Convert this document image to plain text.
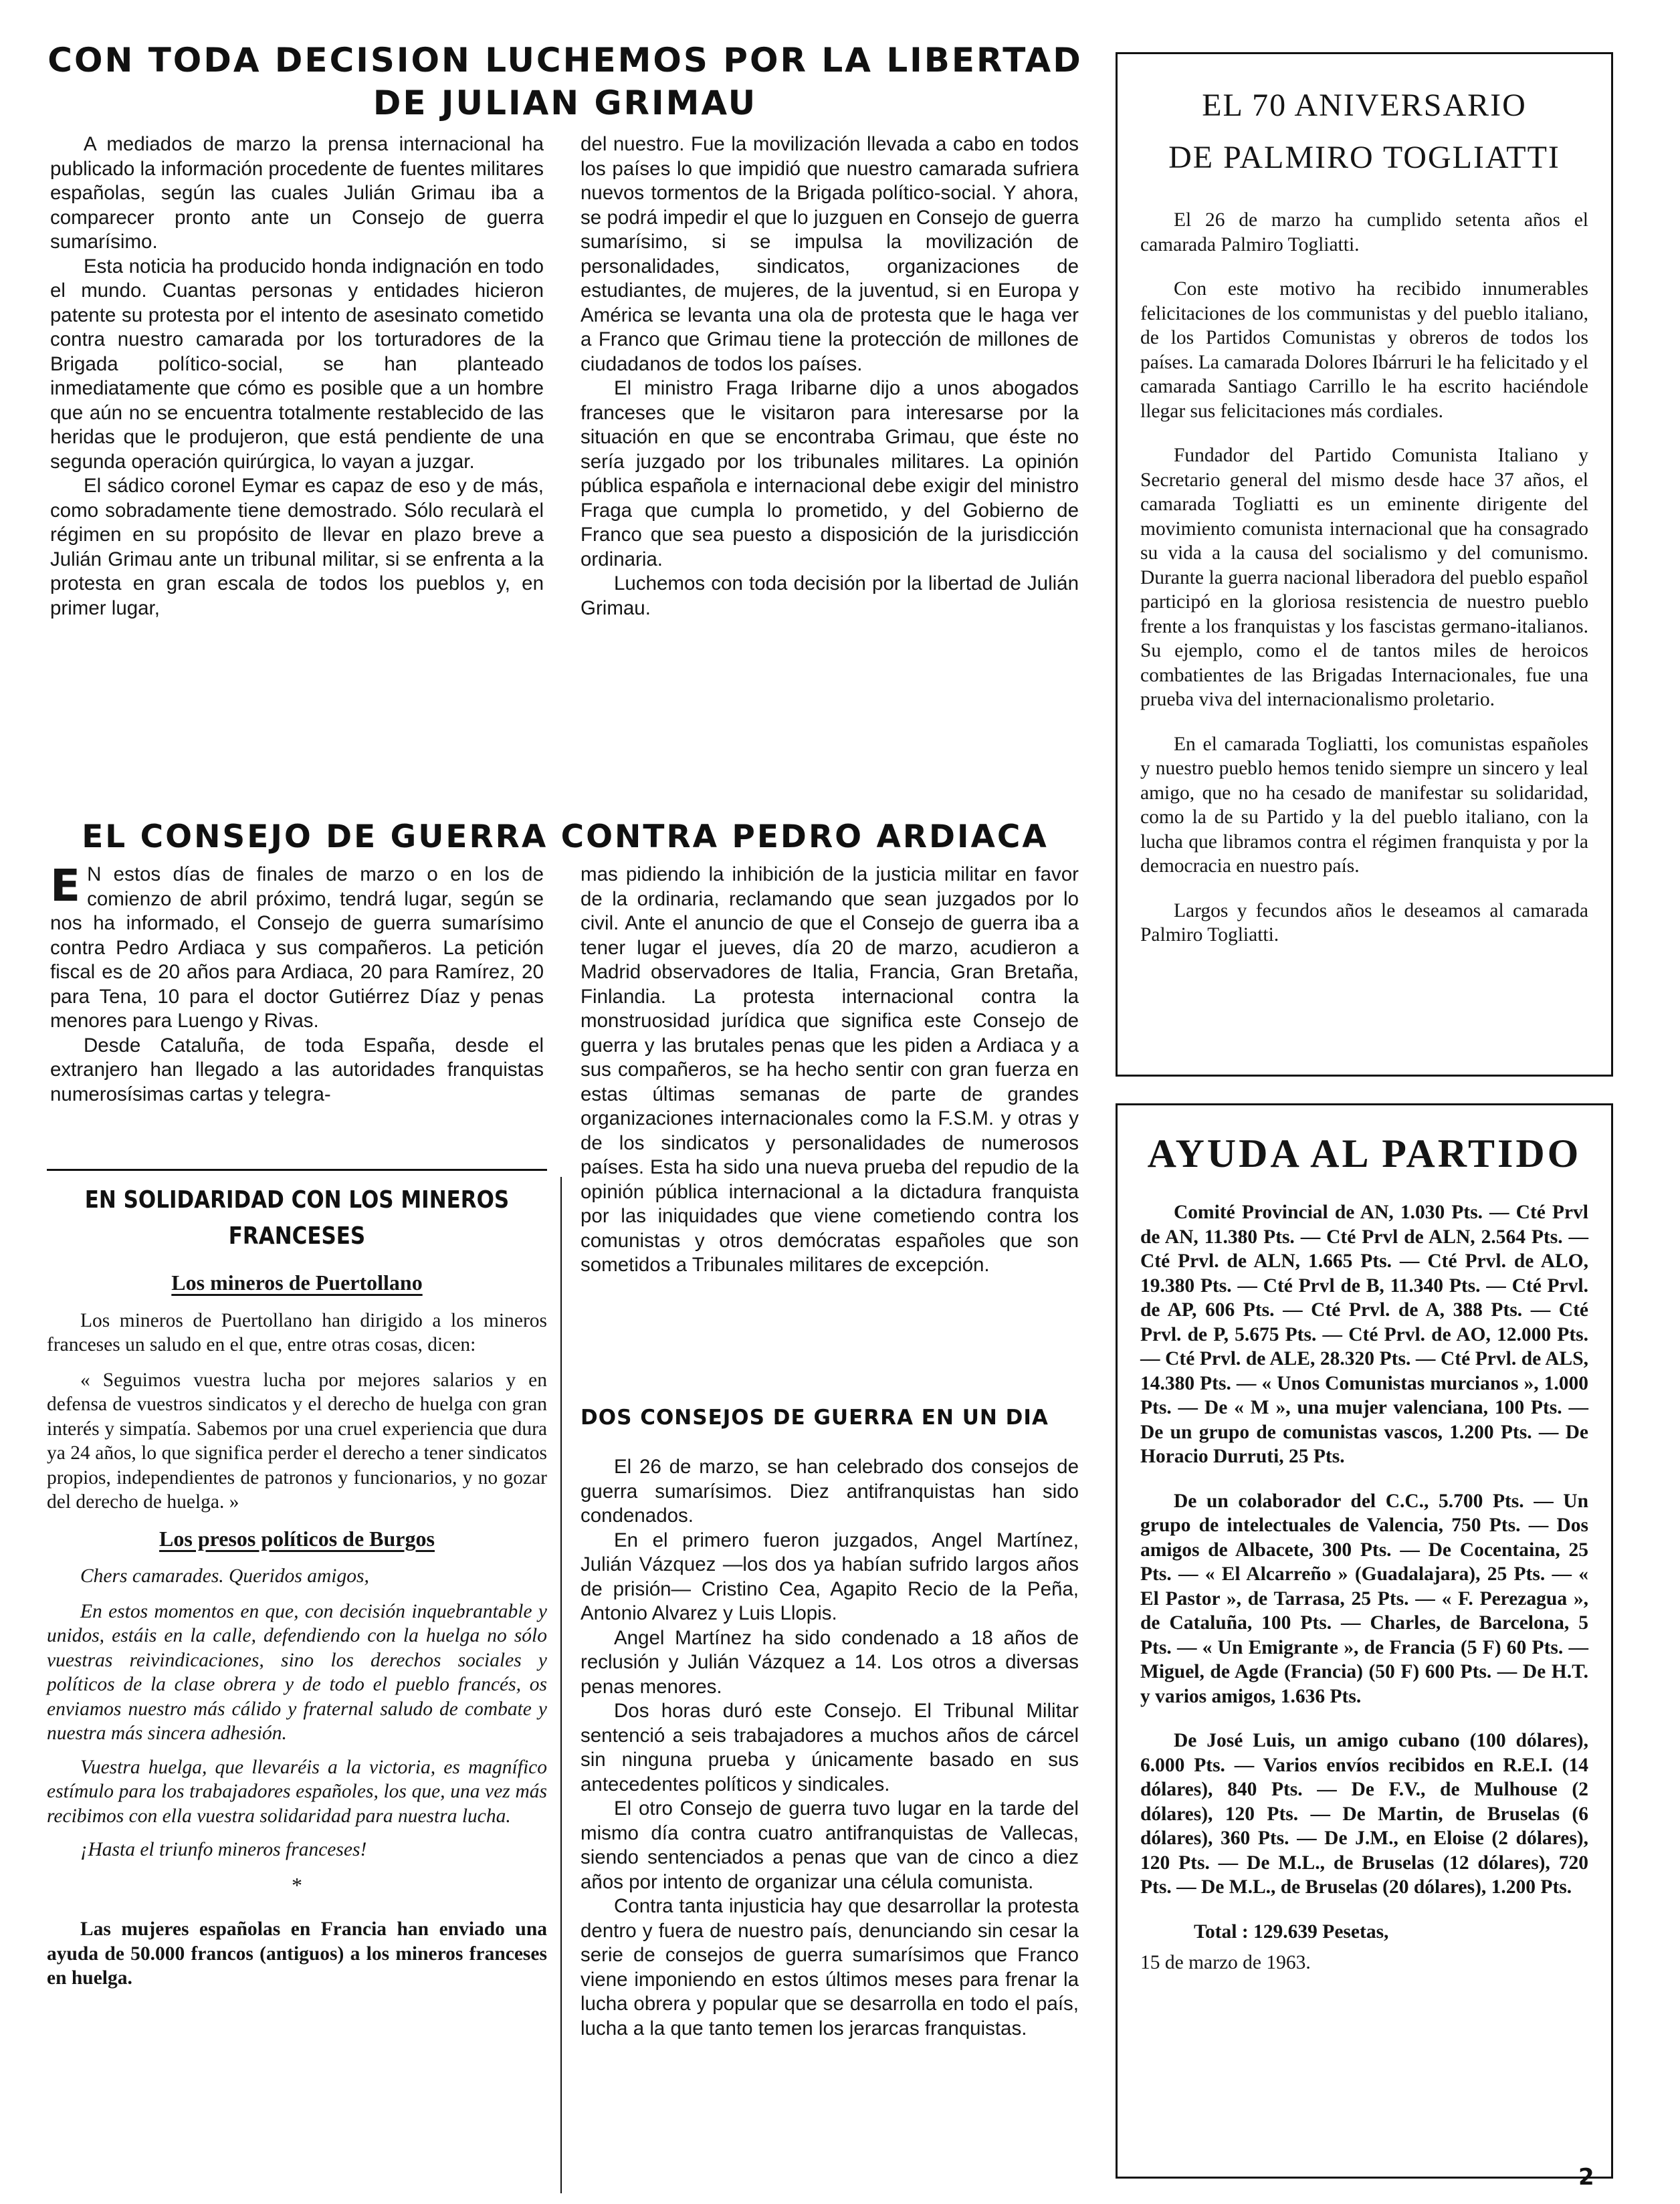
CON TODA DECISION LUCHEMOS POR LA LIBERTAD
DE JULIAN GRIMAU

A mediados de marzo la prensa internacional ha publicado la información procedente de fuentes militares españolas, según las cuales Julián Grimau iba a comparecer pronto ante un Consejo de guerra sumarísimo.

Esta noticia ha producido honda indignación en todo el mundo. Cuantas personas y entidades hicieron patente su protesta por el intento de asesinato cometido contra nuestro camarada por los torturadores de la Brigada político-social, se han planteado inmediatamente que cómo es posible que a un hombre que aún no se encuentra totalmente restablecido de las heridas que le produjeron, que está pendiente de una segunda operación quirúrgica, lo vayan a juzgar.

El sádico coronel Eymar es capaz de eso y de más, como sobradamente tiene demostrado. Sólo recularà el régimen en su propósito de llevar en plazo breve a Julián Grimau ante un tribunal militar, si se enfrenta a la protesta en gran escala de todos los pueblos y, en primer lugar,

del nuestro. Fue la movilización llevada a cabo en todos los países lo que impidió que nuestro camarada sufriera nuevos tormentos de la Brigada político-social. Y ahora, se podrá impedir el que lo juzguen en Consejo de guerra sumarísimo, si se impulsa la movilización de personalidades, sindicatos, organizaciones de estudiantes, de mujeres, de la juventud, si en Europa y América se levanta una ola de protesta que le haga ver a Franco que Grimau tiene la protección de millones de ciudadanos de todos los países.

El ministro Fraga Iribarne dijo a unos abogados franceses que le visitaron para interesarse por la situación en que se encontraba Grimau, que éste no sería juzgado por los tribunales militares. La opinión pública española e internacional debe exigir del ministro Fraga que cumpla lo prometido, y del Gobierno de Franco que sea puesto a disposición de la jurisdicción ordinaria.

Luchemos con toda decisión por la libertad de Julián Grimau.

EL CONSEJO DE GUERRA CONTRA PEDRO ARDIACA

E N estos días de finales de marzo o en los de comienzo de abril próximo, tendrá lugar, según se nos ha informado, el Consejo de guerra sumarísimo contra Pedro Ardiaca y sus compañeros. La petición fiscal es de 20 años para Ardiaca, 20 para Ramírez, 20 para Tena, 10 para el doctor Gutiérrez Díaz y penas menores para Luengo y Rivas.

Desde Cataluña, de toda España, desde el extranjero han llegado a las autoridades franquistas numerosísimas cartas y telegra-

mas pidiendo la inhibición de la justicia militar en favor de la ordinaria, reclamando que sean juzgados por lo civil. Ante el anuncio de que el Consejo de guerra iba a tener lugar el jueves, día 20 de marzo, acudieron a Madrid observadores de Italia, Francia, Gran Bretaña, Finlandia. La protesta internacional contra la monstruosidad jurídica que significa este Consejo de guerra y las brutales penas que les piden a Ardiaca y a sus compañeros, se ha hecho sentir con gran fuerza en estas últimas semanas de parte de grandes organizaciones internacionales como la F.S.M. y otras y de los sindicatos y personalidades de numerosos países. Esta ha sido una nueva prueba del repudio de la opinión pública internacional a la dictadura franquista por las iniquidades que viene cometiendo contra los comunistas y otros demócratas españoles que son sometidos a Tribunales militares de excepción.

EN SOLIDARIDAD CON LOS MINEROS FRANCESES
Los mineros de Puertollano

Los mineros de Puertollano han dirigido a los mineros franceses un saludo en el que, entre otras cosas, dicen:

« Seguimos vuestra lucha por mejores salarios y en defensa de vuestros sindicatos y el derecho de huelga con gran interés y simpatía. Sabemos por una cruel experiencia que dura ya 24 años, lo que significa perder el derecho a tener sindicatos propios, independientes de patronos y funcionarios, y no gozar del derecho de huelga. »

Los presos políticos de Burgos

Chers camarades. Queridos amigos,

En estos momentos en que, con decisión inquebrantable y unidos, estáis en la calle, defendiendo con la huelga no sólo vuestras reivindicaciones, sino los derechos sociales y políticos de la clase obrera y de todo el pueblo francés, os enviamos nuestro más cálido y fraternal saludo de combate y nuestra más sincera adhesión.

Vuestra huelga, que llevaréis a la victoria, es magnífico estímulo para los trabajadores españoles, los que, una vez más recibimos con ella vuestra solidaridad para nuestra lucha.

¡Hasta el triunfo mineros franceses!

*

Las mujeres españolas en Francia han enviado una ayuda de 50.000 francos (antiguos) a los mineros franceses en huelga.

DOS CONSEJOS DE GUERRA EN UN DIA

El 26 de marzo, se han celebrado dos consejos de guerra sumarísimos. Diez antifranquistas han sido condenados.

En el primero fueron juzgados, Angel Martínez, Julián Vázquez —los dos ya habían sufrido largos años de prisión— Cristino Cea, Agapito Recio de la Peña, Antonio Alvarez y Luis Llopis.

Angel Martínez ha sido condenado a 18 años de reclusión y Julián Vázquez a 14. Los otros a diversas penas menores.

Dos horas duró este Consejo. El Tribunal Militar sentenció a seis trabajadores a muchos años de cárcel sin ninguna prueba y únicamente basado en sus antecedentes políticos y sindicales.

El otro Consejo de guerra tuvo lugar en la tarde del mismo día contra cuatro antifranquistas de Vallecas, siendo sentenciados a penas que van de cinco a diez años por intento de organizar una célula comunista.

Contra tanta injusticia hay que desarrollar la protesta dentro y fuera de nuestro país, denunciando sin cesar la serie de consejos de guerra sumarísimos que Franco viene imponiendo en estos últimos meses para frenar la lucha obrera y popular que se desarrolla en todo el país, lucha a la que tanto temen los jerarcas franquistas.

EL 70 ANIVERSARIO
DE PALMIRO TOGLIATTI

El 26 de marzo ha cumplido setenta años el camarada Palmiro Togliatti.

Con este motivo ha recibido innumerables felicitaciones de los communistas y del pueblo italiano, de los Partidos Comunistas y obreros de todos los países. La camarada Dolores Ibárruri le ha felicitado y el camarada Santiago Carrillo le ha escrito haciéndole llegar sus felicitaciones más cordiales.

Fundador del Partido Comunista Italiano y Secretario general del mismo desde hace 37 años, el camarada Togliatti es un eminente dirigente del movimiento comunista internacional que ha consagrado su vida a la causa del socialismo y del comunismo. Durante la guerra nacional liberadora del pueblo español participó en la gloriosa resistencia de nuestro pueblo frente a los franquistas y los fascistas germano-italianos. Su ejemplo, como el de tantos miles de heroicos combatientes de las Brigadas Internacionales, fue una prueba viva del internacionalismo proletario.

En el camarada Togliatti, los comunistas españoles y nuestro pueblo hemos tenido siempre un sincero y leal amigo, que no ha cesado de manifestar su solidaridad, como la de su Partido y la del pueblo italiano, con la lucha que libramos contra el régimen franquista y por la democracia en nuestro país.

Largos y fecundos años le deseamos al camarada Palmiro Togliatti.

AYUDA AL PARTIDO

Comité Provincial de AN, 1.030 Pts. — Cté Prvl de AN, 11.380 Pts. — Cté Prvl de ALN, 2.564 Pts. — Cté Prvl. de ALN, 1.665 Pts. — Cté Prvl. de ALO, 19.380 Pts. — Cté Prvl de B, 11.340 Pts. — Cté Prvl. de AP, 606 Pts. — Cté Prvl. de A, 388 Pts. — Cté Prvl. de P, 5.675 Pts. — Cté Prvl. de AO, 12.000 Pts. — Cté Prvl. de ALE, 28.320 Pts. — Cté Prvl. de ALS, 14.380 Pts. — « Unos Comunistas murcianos », 1.000 Pts. — De « M », una mujer valenciana, 100 Pts. — De un grupo de comunistas vascos, 1.200 Pts. — De Horacio Durruti, 25 Pts.

De un colaborador del C.C., 5.700 Pts. — Un grupo de intelectuales de Valencia, 750 Pts. — Dos amigos de Albacete, 300 Pts. — De Cocentaina, 25 Pts. — « El Alcarreño » (Guadalajara), 25 Pts. — « El Pastor », de Tarrasa, 25 Pts. — « F. Perezagua », de Cataluña, 100 Pts. — Charles, de Barcelona, 5 Pts. — « Un Emigrante », de Francia (5 F) 60 Pts. — Miguel, de Agde (Francia) (50 F) 600 Pts. — De H.T. y varios amigos, 1.636 Pts.

De José Luis, un amigo cubano (100 dólares), 6.000 Pts. — Varios envíos recibidos en R.E.I. (14 dólares), 840 Pts. — De F.V., de Mulhouse (2 dólares), 120 Pts. — De Martin, de Bruselas (6 dólares), 360 Pts. — De J.M., en Eloise (2 dólares), 120 Pts. — De M.L., de Bruselas (12 dólares), 720 Pts. — De M.L., de Bruselas (20 dólares), 1.200 Pts.

Total : 129.639 Pesetas,
15 de marzo de 1963.
2
